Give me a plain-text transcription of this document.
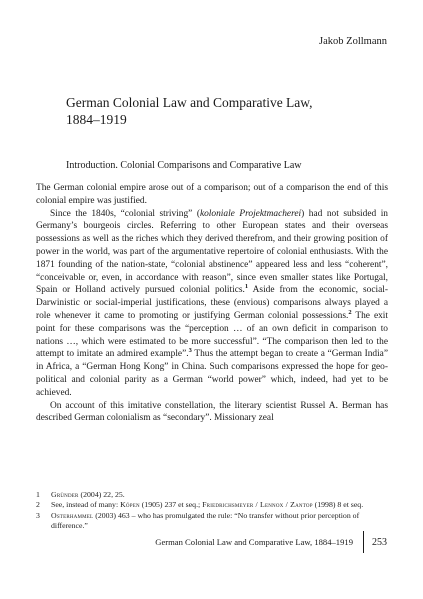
Jakob Zollmann
German Colonial Law and Comparative Law,
1884–1919
Introduction. Colonial Comparisons and Comparative Law

The German colonial empire arose out of a comparison; out of a comparison the end of this colonial empire was justified.

Since the 1840s, “colonial striving” (koloniale Projektmacherei) had not subsided in Germany’s bourgeois circles. Referring to other European states and their overseas possessions as well as the riches which they derived therefrom, and their growing position of power in the world, was part of the argumentative repertoire of colonial enthusiasts. With the 1871 founding of the nation-state, “colonial abstinence” appeared less and less “coherent”, “conceivable or, even, in accordance with reason”, since even smaller states like Portugal, Spain or Holland actively pursued colonial politics.$^1$ Aside from the economic, social-Darwinistic or social-imperial justifications, these (envious) comparisons always played a role whenever it came to promoting or justifying German colonial possessions.$^2$ The exit point for these comparisons was the “perception … of an own deficit in comparison to nations …, which were estimated to be more successful”. “The comparison then led to the attempt to imitate an admired example”.$^3$ Thus the attempt began to create a “German India” in Africa, a “German Hong Kong” in China. Such comparisons expressed the hope for geo-political and colonial parity as a German “world power” which, indeed, had yet to be achieved.

On account of this imitative constellation, the literary scientist Russel A. Berman has described German colonialism as “secondary”. Missionary zeal

1	Gründer (2004) 22, 25.
2	See, instead of many: Köpen (1905) 237 et seq.; Friedrichsmeyer / Lennox / Zantop (1998) 8 et seq.
3	Osterhammel (2003) 463 – who has promulgated the rule: “No transfer without prior perception of difference.”
German Colonial Law and Comparative Law, 1884–1919 253
